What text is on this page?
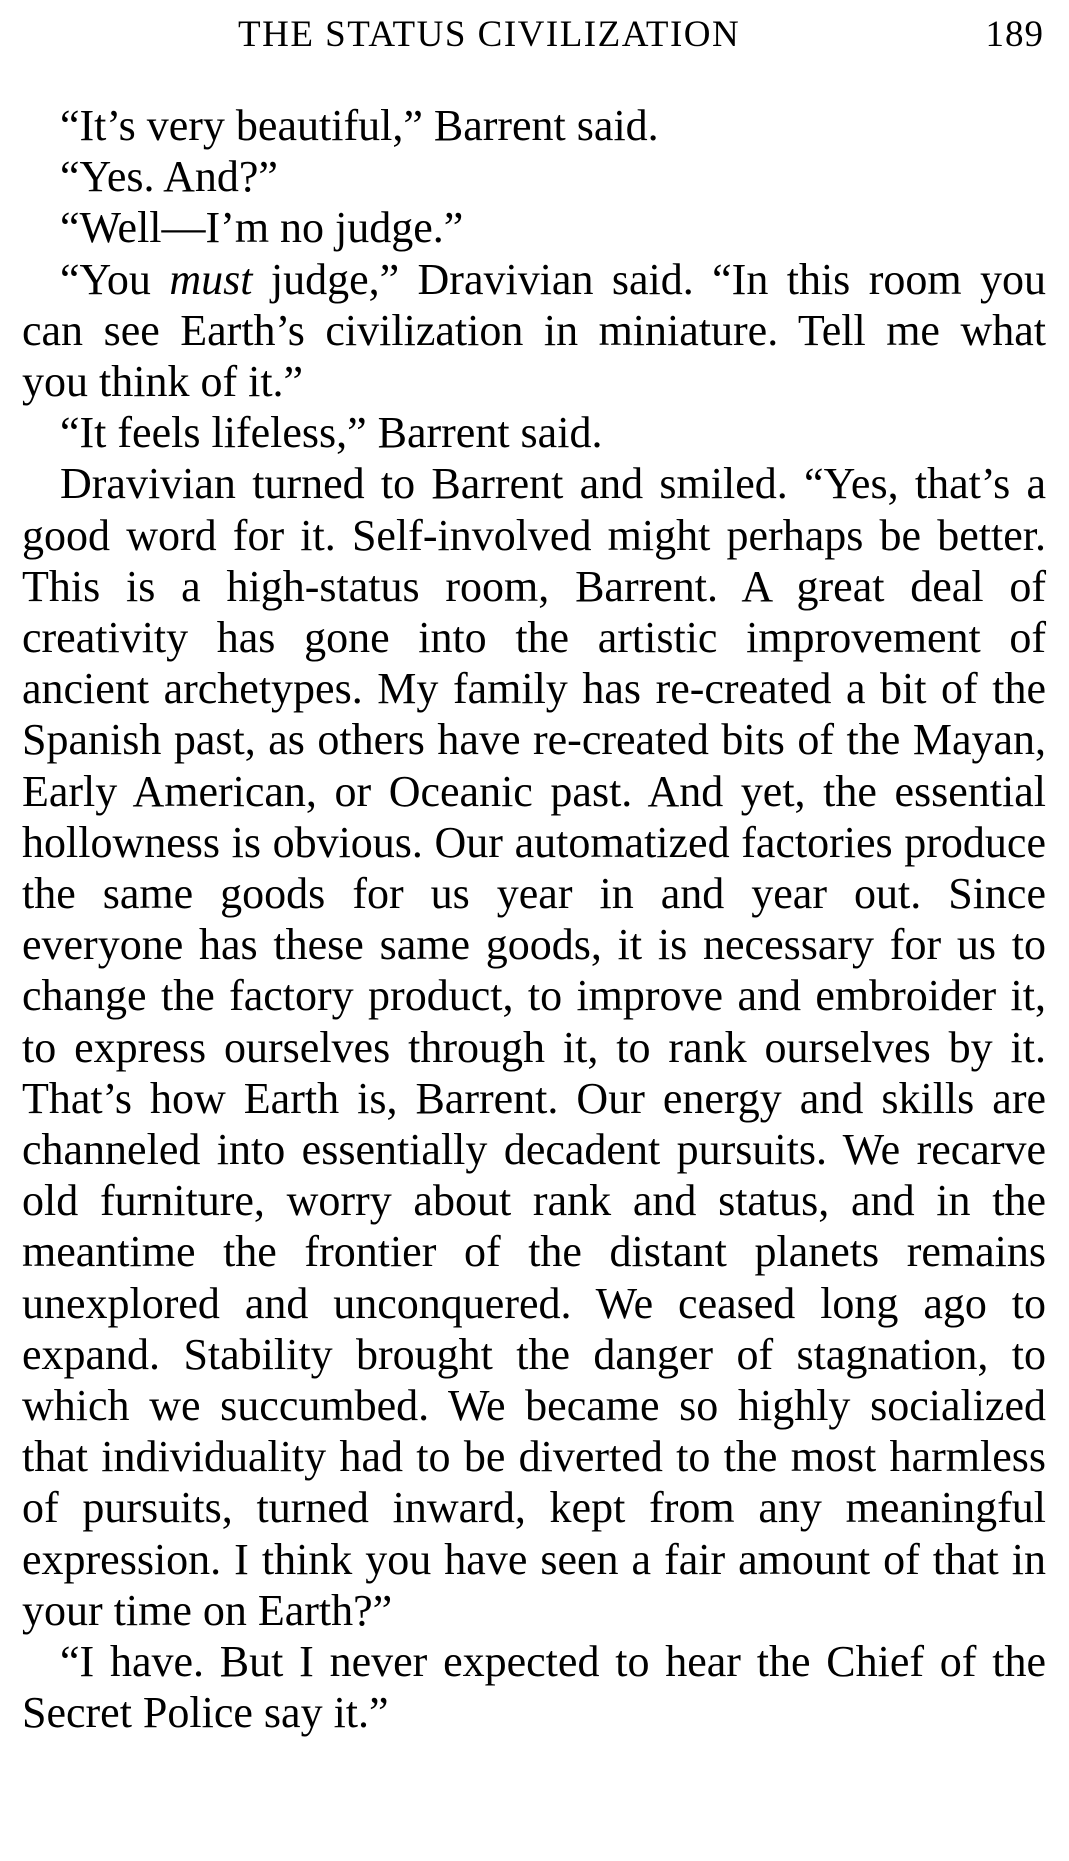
THE STATUS CIVILIZATION	189

“It’s very beautiful,” Barrent said.

“Yes. And?”

“Well—I’m no judge.”

“You must judge,” Dravivian said. “In this room you can see Earth’s civilization in miniature. Tell me what you think of it.”

“It feels lifeless,” Barrent said.

Dravivian turned to Barrent and smiled. “Yes, that’s a good word for it. Self-involved might perhaps be better. This is a high-status room, Barrent. A great deal of creativity has gone into the artistic improvement of ancient archetypes. My family has re-created a bit of the Spanish past, as others have re-created bits of the Mayan, Early American, or Oceanic past. And yet, the essential hollowness is obvious. Our automatized factories produce the same goods for us year in and year out. Since everyone has these same goods, it is necessary for us to change the factory product, to improve and embroider it, to express ourselves through it, to rank ourselves by it. That’s how Earth is, Barrent. Our energy and skills are channeled into essentially decadent pursuits. We recarve old furniture, worry about rank and status, and in the meantime the frontier of the distant planets remains unexplored and unconquered. We ceased long ago to expand. Stability brought the danger of stagnation, to which we succumbed. We became so highly socialized that individuality had to be diverted to the most harmless of pursuits, turned inward, kept from any meaningful expression. I think you have seen a fair amount of that in your time on Earth?”

“I have. But I never expected to hear the Chief of the Secret Police say it.”
